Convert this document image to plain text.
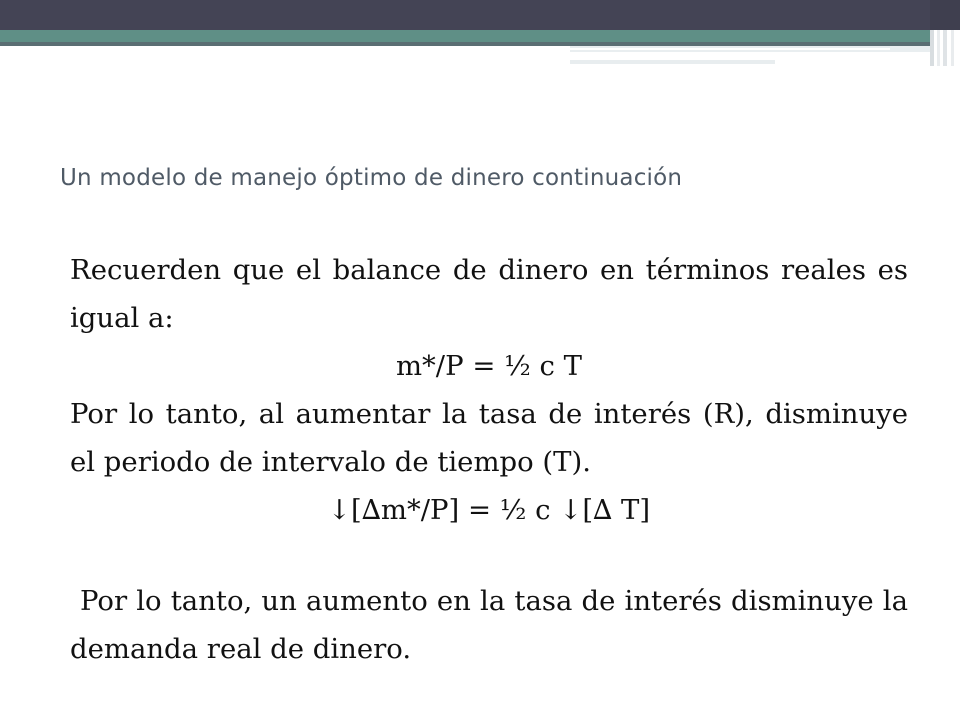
Un modelo de manejo óptimo de dinero continuación

Recuerden que el balance de dinero en términos reales es igual a:

m*/P = ½ c T

Por lo tanto, al aumentar la tasa de interés (R), disminuye el periodo de intervalo de tiempo (T).

↓[∆m*/P] = ½ c ↓[∆ T]

Por lo tanto, un aumento en la tasa de interés disminuye la demanda real de dinero.
